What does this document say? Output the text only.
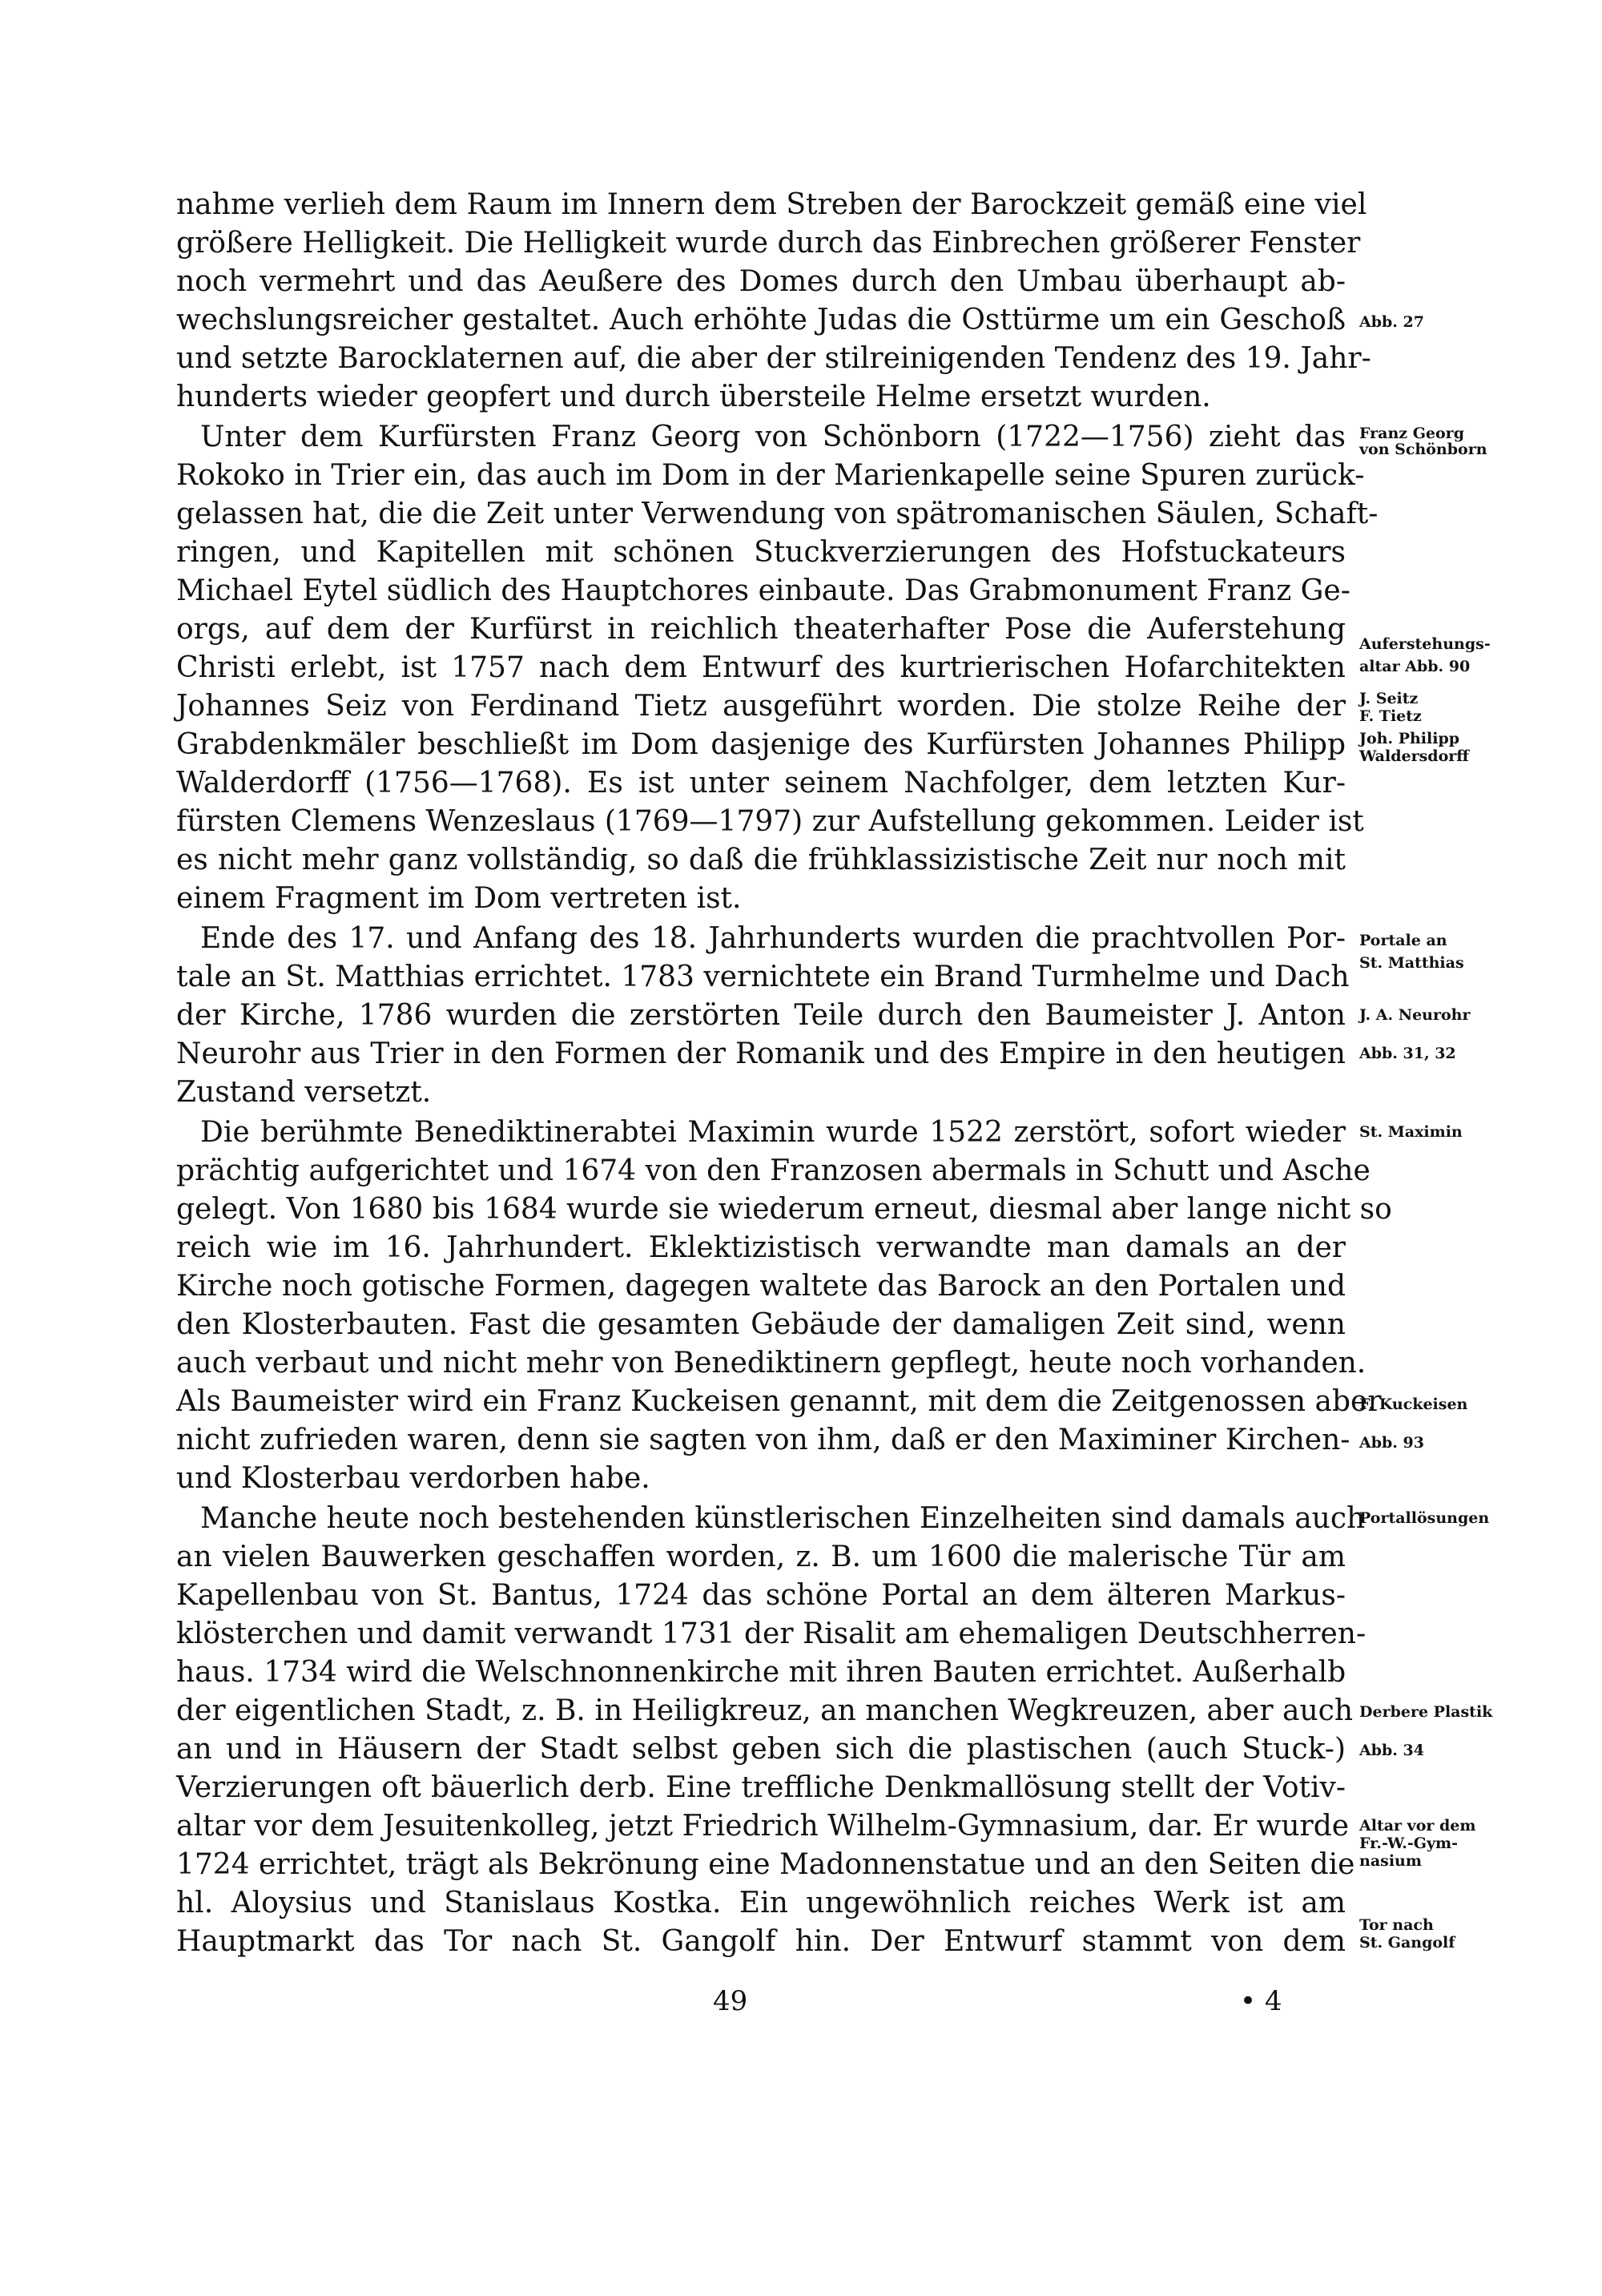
nahme verlieh dem Raum im Innern dem Streben der Barockzeit gemäß eine viel
größere Helligkeit. Die Helligkeit wurde durch das Einbrechen größerer Fenster
noch vermehrt und das Aeußere des Domes durch den Umbau überhaupt ab-
wechslungsreicher gestaltet. Auch erhöhte Judas die Osttürme um ein Geschoß
und setzte Barocklaternen auf, die aber der stilreinigenden Tendenz des 19. Jahr-
hunderts wieder geopfert und durch übersteile Helme ersetzt wurden.
Unter dem Kurfürsten Franz Georg von Schönborn (1722—1756) zieht das
Rokoko in Trier ein, das auch im Dom in der Marienkapelle seine Spuren zurück-
gelassen hat, die die Zeit unter Verwendung von spätromanischen Säulen, Schaft-
ringen, und Kapitellen mit schönen Stuckverzierungen des Hofstuckateurs
Michael Eytel südlich des Hauptchores einbaute. Das Grabmonument Franz Ge-
orgs, auf dem der Kurfürst in reichlich theaterhafter Pose die Auferstehung
Christi erlebt, ist 1757 nach dem Entwurf des kurtrierischen Hofarchitekten
Johannes Seiz von Ferdinand Tietz ausgeführt worden. Die stolze Reihe der
Grabdenkmäler beschließt im Dom dasjenige des Kurfürsten Johannes Philipp
Walderdorff (1756—1768). Es ist unter seinem Nachfolger, dem letzten Kur-
fürsten Clemens Wenzeslaus (1769—1797) zur Aufstellung gekommen. Leider ist
es nicht mehr ganz vollständig, so daß die frühklassizistische Zeit nur noch mit
einem Fragment im Dom vertreten ist.
Ende des 17. und Anfang des 18. Jahrhunderts wurden die prachtvollen Por-
tale an St. Matthias errichtet. 1783 vernichtete ein Brand Turmhelme und Dach
der Kirche, 1786 wurden die zerstörten Teile durch den Baumeister J. Anton
Neurohr aus Trier in den Formen der Romanik und des Empire in den heutigen
Zustand versetzt.
Die berühmte Benediktinerabtei Maximin wurde 1522 zerstört, sofort wieder
prächtig aufgerichtet und 1674 von den Franzosen abermals in Schutt und Asche
gelegt. Von 1680 bis 1684 wurde sie wiederum erneut, diesmal aber lange nicht so
reich wie im 16. Jahrhundert. Eklektizistisch verwandte man damals an der
Kirche noch gotische Formen, dagegen waltete das Barock an den Portalen und
den Klosterbauten. Fast die gesamten Gebäude der damaligen Zeit sind, wenn
auch verbaut und nicht mehr von Benediktinern gepflegt, heute noch vorhanden.
Als Baumeister wird ein Franz Kuckeisen genannt, mit dem die Zeitgenossen aber
nicht zufrieden waren, denn sie sagten von ihm, daß er den Maximiner Kirchen-
und Klosterbau verdorben habe.
Manche heute noch bestehenden künstlerischen Einzelheiten sind damals auch
an vielen Bauwerken geschaffen worden, z. B. um 1600 die malerische Tür am
Kapellenbau von St. Bantus, 1724 das schöne Portal an dem älteren Markus-
klösterchen und damit verwandt 1731 der Risalit am ehemaligen Deutschherren-
haus. 1734 wird die Welschnonnenkirche mit ihren Bauten errichtet. Außerhalb
der eigentlichen Stadt, z. B. in Heiligkreuz, an manchen Wegkreuzen, aber auch
an und in Häusern der Stadt selbst geben sich die plastischen (auch Stuck-)
Verzierungen oft bäuerlich derb. Eine treffliche Denkmallösung stellt der Votiv-
altar vor dem Jesuitenkolleg, jetzt Friedrich Wilhelm-Gymnasium, dar. Er wurde
1724 errichtet, trägt als Bekrönung eine Madonnenstatue und an den Seiten die
hl. Aloysius und Stanislaus Kostka. Ein ungewöhnlich reiches Werk ist am
Hauptmarkt das Tor nach St. Gangolf hin. Der Entwurf stammt von dem
Abb. 27
Franz Georg
von Schönborn
Auferstehungs-
altar Abb. 90
J. Seitz
F. Tietz
Joh. Philipp
Waldersdorff
Portale an
St. Matthias
J. A. Neurohr
Abb. 31, 32
St. Maximin
F. Kuckeisen
Abb. 93
Portallösungen
Derbere Plastik
Abb. 34
Altar vor dem
Fr.-W.-Gym-
nasium
Tor nach
St. Gangolf
49	• 4
